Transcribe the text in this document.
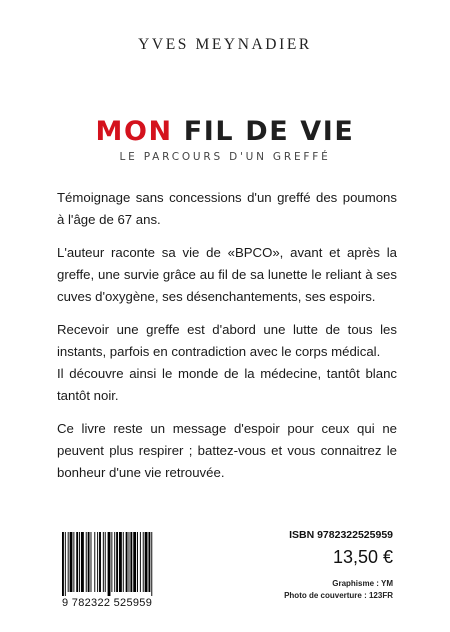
YVES MEYNADIER
MON FIL DE VIE
LE PARCOURS D'UN GREFFÉ

Témoignage sans concessions d'un greffé des poumons à l'âge de 67 ans.

L'auteur raconte sa vie de «BPCO», avant et après la greffe, une survie grâce au fil de sa lunette le reliant à ses cuves d'oxygène, ses désenchantements, ses espoirs.

Recevoir une greffe est d'abord une lutte de tous les instants, parfois en contradiction avec le corps médical.

Il découvre ainsi le monde de la médecine, tantôt blanc tantôt noir.

Ce livre reste un message d'espoir pour ceux qui ne peuvent plus respirer ; battez-vous et vous connaitrez le bonheur d'une vie retrouvée.

9 782322 525959
ISBN 9782322525959
13,50 €
Graphisme : YM
Photo de couverture : 123FR
